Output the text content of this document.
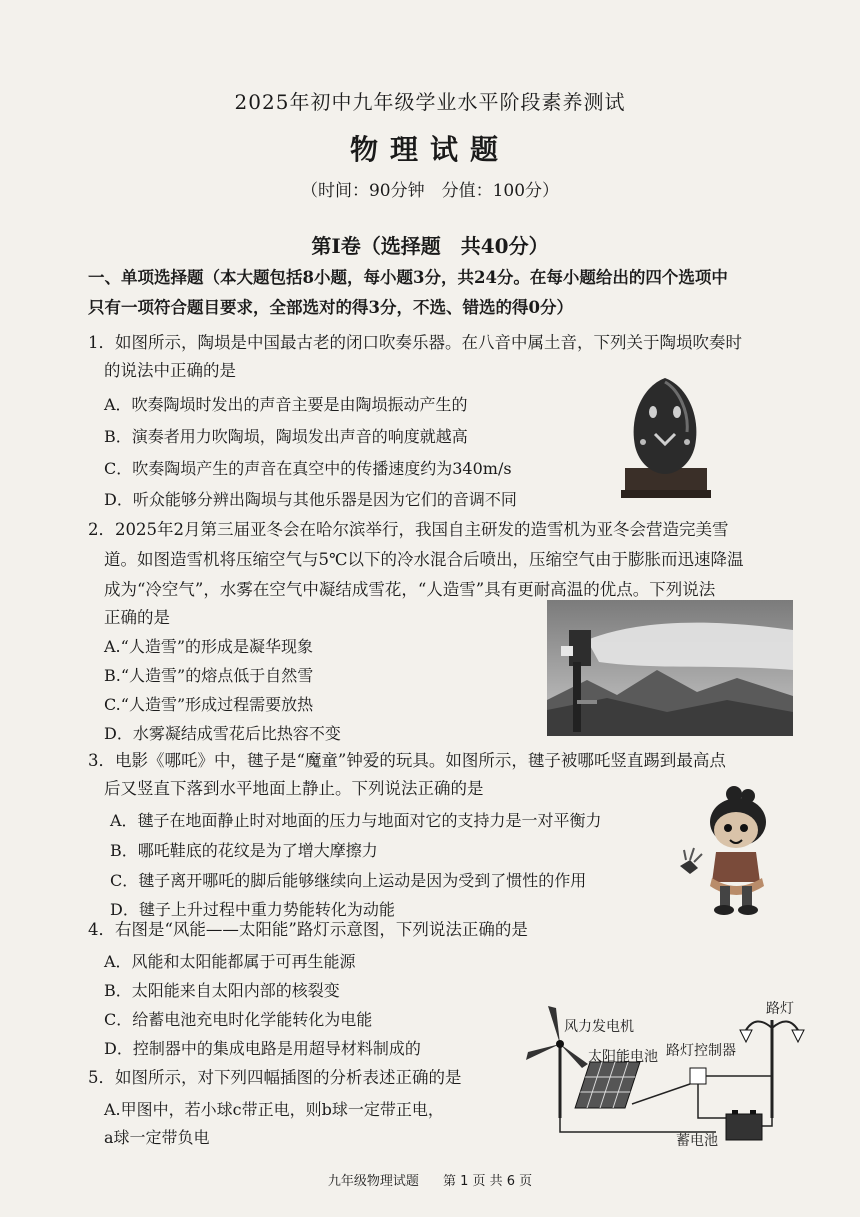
2025年初中九年级学业水平阶段素养测试
物理试题
（时间：90分钟　分值：100分）
第Ⅰ卷（选择题　共40分）
一、单项选择题（本大题包括8小题，每小题3分，共24分。在每小题给出的四个选项中
只有一项符合题目要求，全部选对的得3分，不选、错选的得0分）
1．如图所示，陶埙是中国最古老的闭口吹奏乐器。在八音中属土音，下列关于陶埙吹奏时
的说法中正确的是
A．吹奏陶埙时发出的声音主要是由陶埙振动产生的
B．演奏者用力吹陶埙，陶埙发出声音的响度就越高
C．吹奏陶埙产生的声音在真空中的传播速度约为340m/s
D．听众能够分辨出陶埙与其他乐器是因为它们的音调不同
2．2025年2月第三届亚冬会在哈尔滨举行，我国自主研发的造雪机为亚冬会营造完美雪
道。如图造雪机将压缩空气与5℃以下的冷水混合后喷出，压缩空气由于膨胀而迅速降温
成为“冷空气”，水雾在空气中凝结成雪花，“人造雪”具有更耐高温的优点。下列说法
正确的是
A.“人造雪”的形成是凝华现象
B.“人造雪”的熔点低于自然雪
C.“人造雪”形成过程需要放热
D．水雾凝结成雪花后比热容不变
3．电影《哪吒》中，毽子是“魔童”钟爱的玩具。如图所示，毽子被哪吒竖直踢到最高点
后又竖直下落到水平地面上静止。下列说法正确的是
A．毽子在地面静止时对地面的压力与地面对它的支持力是一对平衡力
B．哪吒鞋底的花纹是为了增大摩擦力
C．毽子离开哪吒的脚后能够继续向上运动是因为受到了惯性的作用
D．毽子上升过程中重力势能转化为动能
4．右图是“风能——太阳能”路灯示意图，下列说法正确的是
A．风能和太阳能都属于可再生能源
B．太阳能来自太阳内部的核裂变
C．给蓄电池充电时化学能转化为电能
D．控制器中的集成电路是用超导材料制成的
风力发电机
太阳能电池 路灯控制器
路灯
蓄电池
5．如图所示，对下列四幅插图的分析表述正确的是
A.甲图中，若小球c带正电，则b球一定带正电，
a球一定带负电
九年级物理试题 第 1 页 共 6 页
